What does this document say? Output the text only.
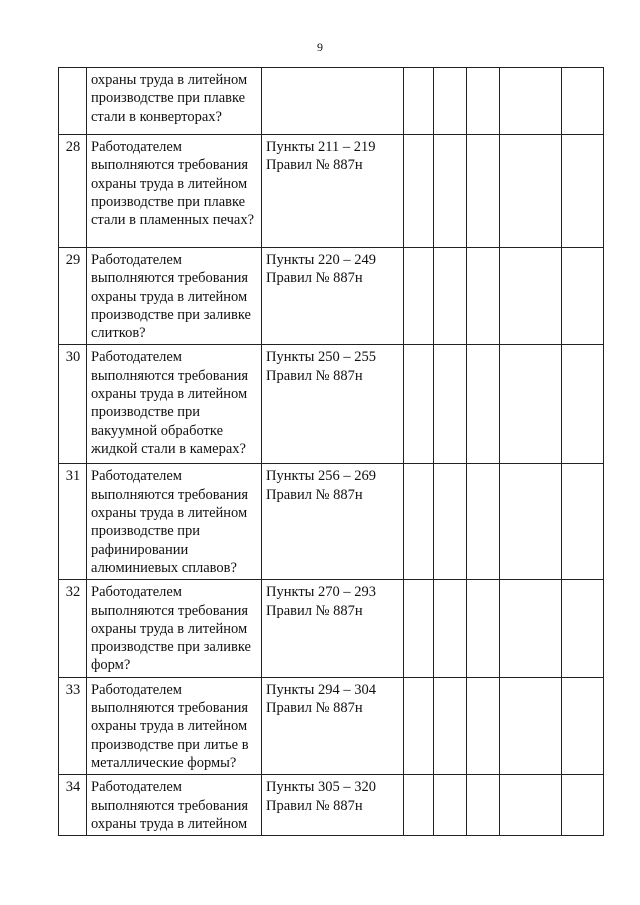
9
	охраны труда в литейном производстве при плавке стали в конверторах?	

28	Работодателем выполняются требования охраны труда в литейном производстве при плавке стали в пламенных печах?	Пункты 211 – 219
Правил № 887н					

29	Работодателем выполняются требования охраны труда в литейном производстве при заливке слитков?	Пункты 220 – 249
Правил № 887н					

30	Работодателем выполняются требования охраны труда в литейном производстве при вакуумной обработке жидкой стали в камерах?	Пункты 250 – 255
Правил № 887н					

31	Работодателем выполняются требования охраны труда в литейном производстве при рафинировании алюминиевых сплавов?	Пункты 256 – 269
Правил № 887н					

32	Работодателем выполняются требования охраны труда в литейном производстве при заливке форм?	Пункты 270 – 293
Правил № 887н					

33	Работодателем выполняются требования охраны труда в литейном производстве при литье в металлические формы?	Пункты 294 – 304
Правил № 887н					

34	Работодателем выполняются требования охраны труда в литейном	Пункты 305 – 320
Правил № 887н					
